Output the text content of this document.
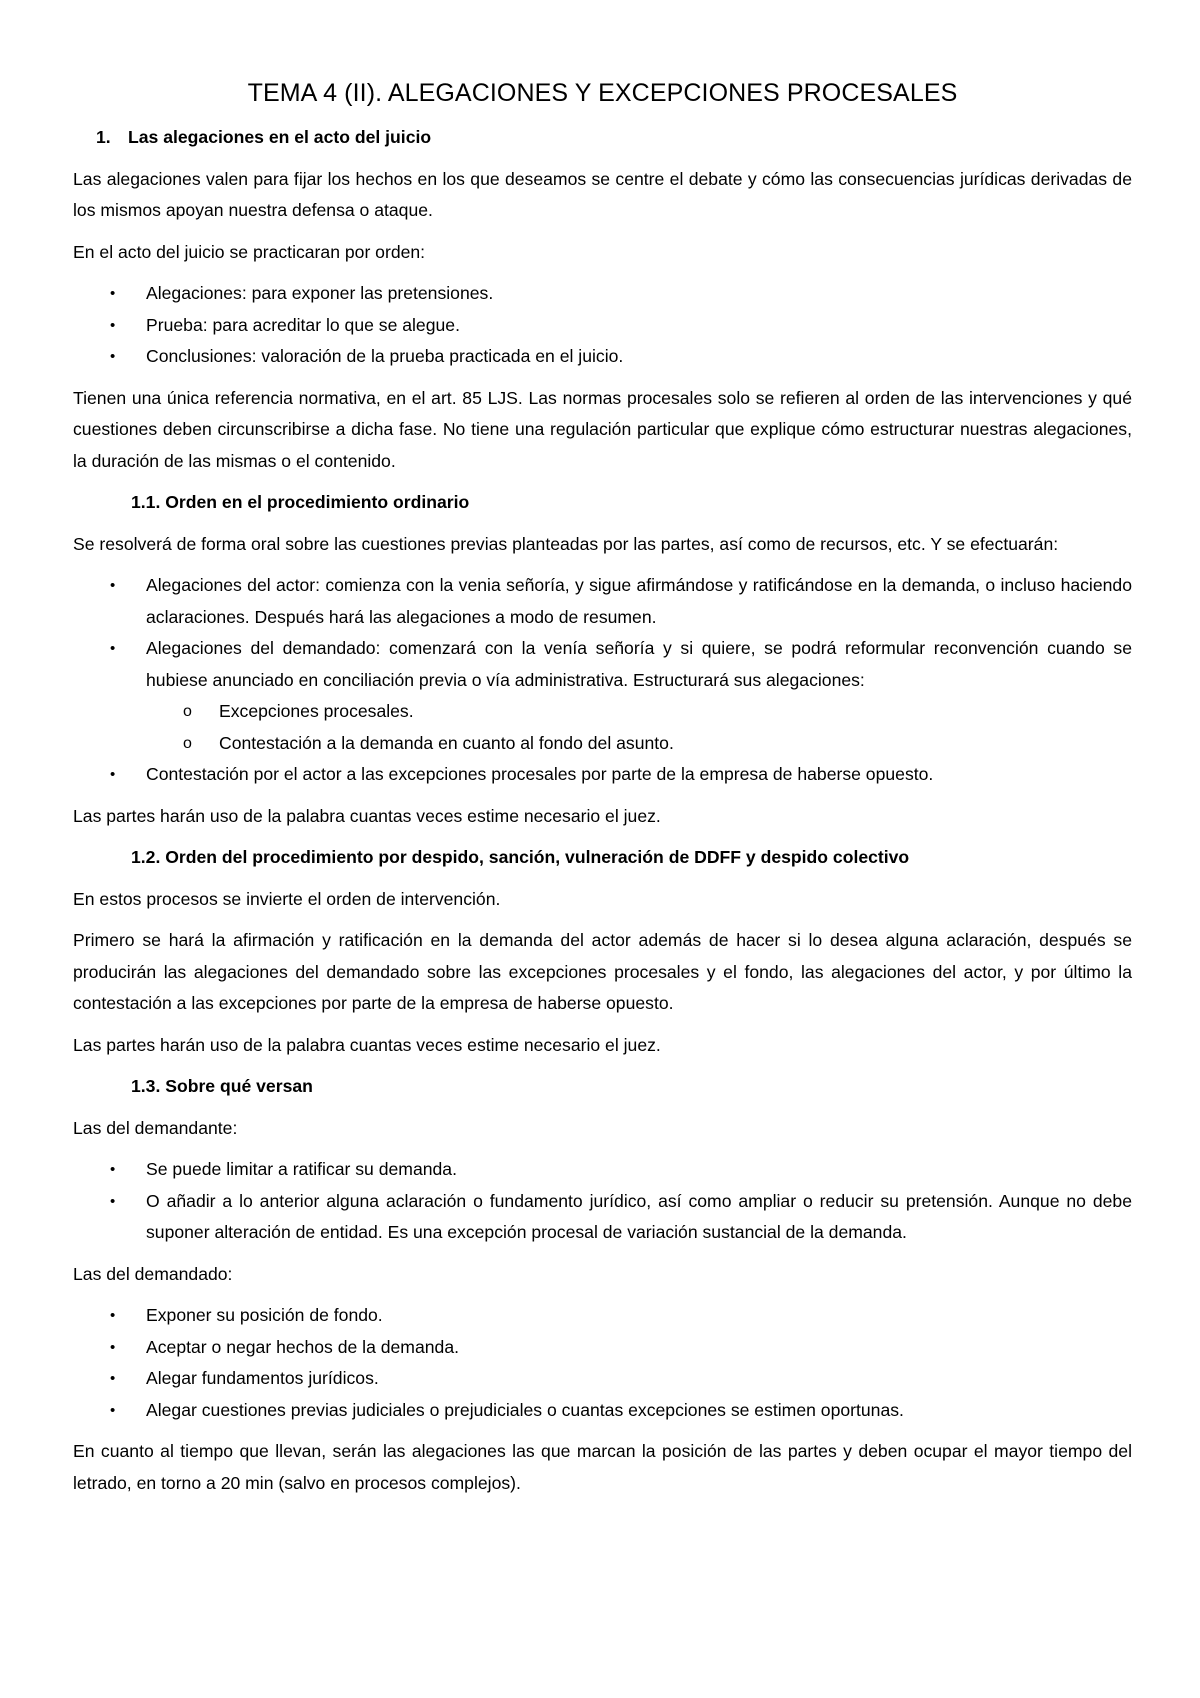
TEMA 4 (II). ALEGACIONES Y EXCEPCIONES PROCESALES
1. Las alegaciones en el acto del juicio

Las alegaciones valen para fijar los hechos en los que deseamos se centre el debate y cómo las consecuencias jurídicas derivadas de los mismos apoyan nuestra defensa o ataque.

En el acto del juicio se practicaran por orden:

• Alegaciones: para exponer las pretensiones.
• Prueba: para acreditar lo que se alegue.
• Conclusiones: valoración de la prueba practicada en el juicio.

Tienen una única referencia normativa, en el art. 85 LJS. Las normas procesales solo se refieren al orden de las intervenciones y qué cuestiones deben circunscribirse a dicha fase. No tiene una regulación particular que explique cómo estructurar nuestras alegaciones, la duración de las mismas o el contenido.

1.1. Orden en el procedimiento ordinario

Se resolverá de forma oral sobre las cuestiones previas planteadas por las partes, así como de recursos, etc. Y se efectuarán:

• Alegaciones del actor: comienza con la venia señoría, y sigue afirmándose y ratificándose en la demanda, o incluso haciendo aclaraciones. Después hará las alegaciones a modo de resumen.
• Alegaciones del demandado: comenzará con la venía señoría y si quiere, se podrá reformular reconvención cuando se hubiese anunciado en conciliación previa o vía administrativa. Estructurará sus alegaciones:
o Excepciones procesales.
o Contestación a la demanda en cuanto al fondo del asunto.
• Contestación por el actor a las excepciones procesales por parte de la empresa de haberse opuesto.

Las partes harán uso de la palabra cuantas veces estime necesario el juez.

1.2. Orden del procedimiento por despido, sanción, vulneración de DDFF y despido colectivo

En estos procesos se invierte el orden de intervención.

Primero se hará la afirmación y ratificación en la demanda del actor además de hacer si lo desea alguna aclaración, después se producirán las alegaciones del demandado sobre las excepciones procesales y el fondo, las alegaciones del actor, y por último la contestación a las excepciones por parte de la empresa de haberse opuesto.

Las partes harán uso de la palabra cuantas veces estime necesario el juez.

1.3. Sobre qué versan

Las del demandante:

• Se puede limitar a ratificar su demanda.
• O añadir a lo anterior alguna aclaración o fundamento jurídico, así como ampliar o reducir su pretensión. Aunque no debe suponer alteración de entidad. Es una excepción procesal de variación sustancial de la demanda.

Las del demandado:

• Exponer su posición de fondo.
• Aceptar o negar hechos de la demanda.
• Alegar fundamentos jurídicos.
• Alegar cuestiones previas judiciales o prejudiciales o cuantas excepciones se estimen oportunas.

En cuanto al tiempo que llevan, serán las alegaciones las que marcan la posición de las partes y deben ocupar el mayor tiempo del letrado, en torno a 20 min (salvo en procesos complejos).
